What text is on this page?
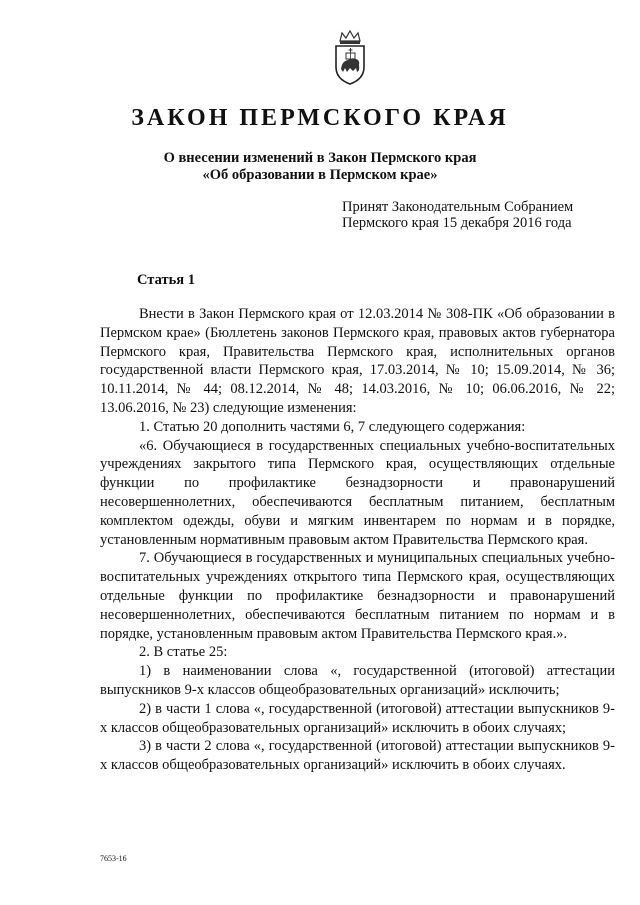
ЗАКОН ПЕРМСКОГО КРАЯ
О внесении изменений в Закон Пермского края
«Об образовании в Пермском крае»
Принят Законодательным Собранием
Пермского края 15 декабря 2016 года
Статья 1

Внести в Закон Пермского края от 12.03.2014 № 308-ПК «Об образовании в Пермском крае» (Бюллетень законов Пермского края, правовых актов губернатора Пермского края, Правительства Пермского края, исполнительных органов государственной власти Пермского края, 17.03.2014, № 10; 15.09.2014, № 36; 10.11.2014, № 44; 08.12.2014, № 48; 14.03.2016, № 10; 06.06.2016, № 22; 13.06.2016, № 23) следующие изменения:

1. Статью 20 дополнить частями 6, 7 следующего содержания:

«6. Обучающиеся в государственных специальных учебно-воспитательных учреждениях закрытого типа Пермского края, осуществляющих отдельные функции по профилактике безнадзорности и правонарушений несовершеннолетних, обеспечиваются бесплатным питанием, бесплатным комплектом одежды, обуви и мягким инвентарем по нормам и в порядке, установленным нормативным правовым актом Правительства Пермского края.

7. Обучающиеся в государственных и муниципальных специальных учебно-воспитательных учреждениях открытого типа Пермского края, осуществляющих отдельные функции по профилактике безнадзорности и правонарушений несовершеннолетних, обеспечиваются бесплатным питанием по нормам и в порядке, установленным правовым актом Правительства Пермского края.».

2. В статье 25:

1) в наименовании слова «, государственной (итоговой) аттестации выпускников 9-х классов общеобразовательных организаций» исключить;

2) в части 1 слова «, государственной (итоговой) аттестации выпускников 9-х классов общеобразовательных организаций» исключить в обоих случаях;

3) в части 2 слова «, государственной (итоговой) аттестации выпускников 9-х классов общеобразовательных организаций» исключить в обоих случаях.

7653-16
